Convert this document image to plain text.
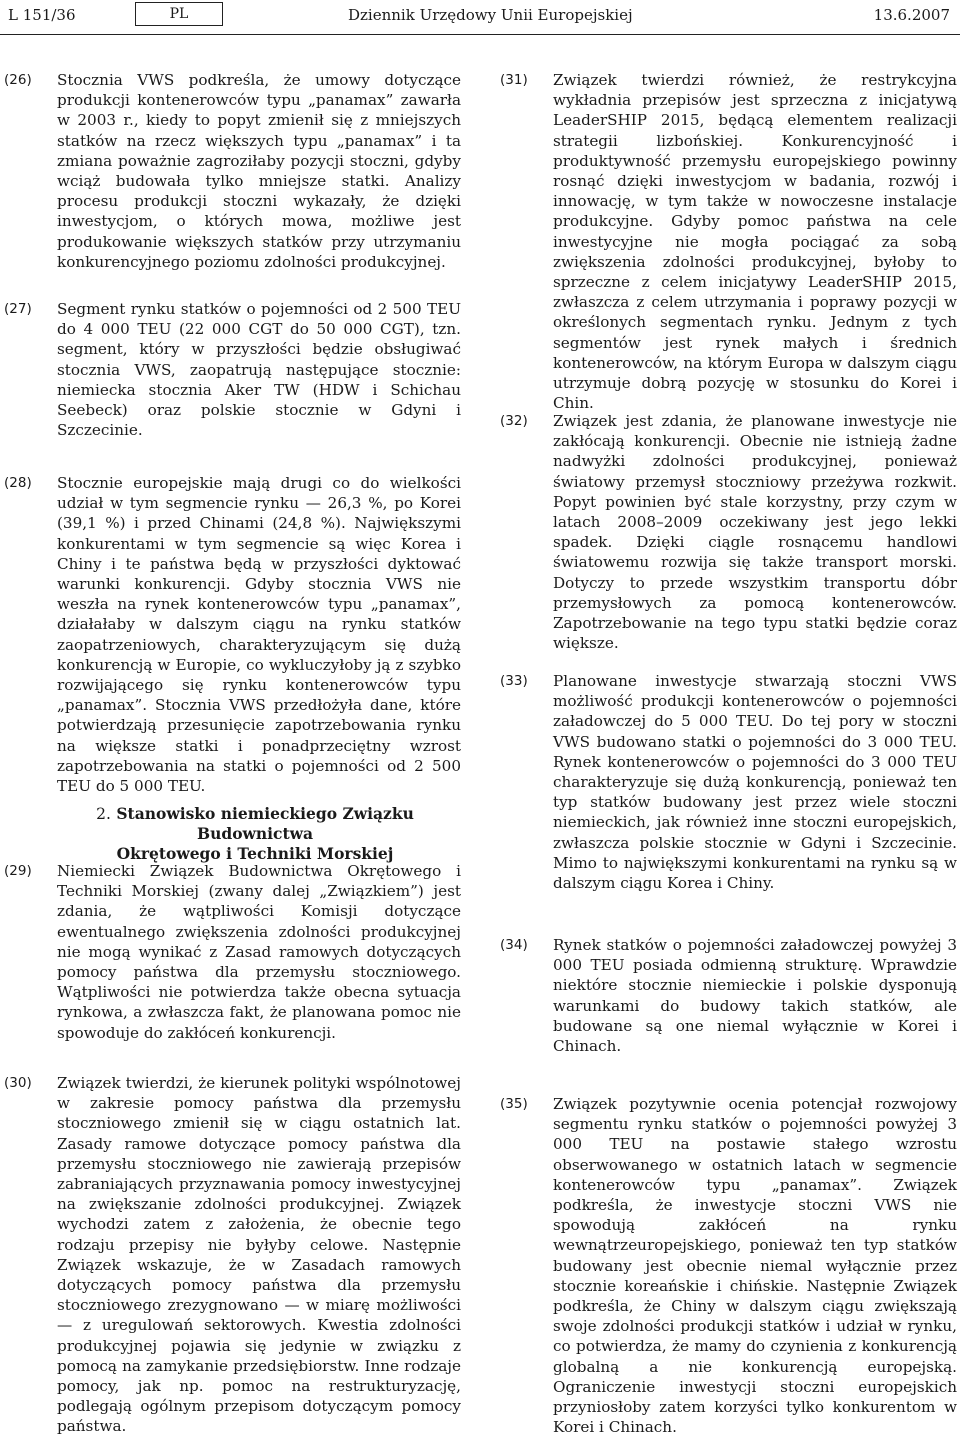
L 151/36	PL	Dziennik Urzędowy Unii Europejskiej	13.6.2007
(26)	Stocznia VWS podkreśla, że umowy dotyczące produkcji kontenerowców typu „panamax” zawarła w 2003 r., kiedy to popyt zmienił się z mniejszych statków na rzecz większych typu „panamax” i ta zmiana poważnie zagroziłaby pozycji stoczni, gdyby wciąż budowała tylko mniejsze statki. Analizy procesu produkcji stoczni wykazały, że dzięki inwestycjom, o których mowa, możliwe jest produkowanie większych statków przy utrzymaniu konkurencyjnego poziomu zdolności produkcyjnej.
(27)	Segment rynku statków o pojemności od 2 500 TEU do 4 000 TEU (22 000 CGT do 50 000 CGT), tzn. segment, który w przyszłości będzie obsługiwać stocznia VWS, zaopatrują następujące stocznie: niemiecka stocznia Aker TW (HDW i Schichau Seebeck) oraz polskie stocznie w Gdyni i Szczecinie.
(28)	Stocznie europejskie mają drugi co do wielkości udział w tym segmencie rynku — 26,3 %, po Korei (39,1 %) i przed Chinami (24,8 %). Największymi konkurentami w tym segmencie są więc Korea i Chiny i te państwa będą w przyszłości dyktować warunki konkurencji. Gdyby stocznia VWS nie weszła na rynek kontenerowców typu „panamax”, działałaby w dalszym ciągu na rynku statków zaopatrzeniowych, charakteryzującym się dużą konkurencją w Europie, co wykluczyłoby ją z szybko rozwijającego się rynku kontenerowców typu „panamax”. Stocznia VWS przedłożyła dane, które potwierdzają przesunięcie zapotrzebowania rynku na większe statki i ponadprzeciętny wzrost zapotrzebowania na statki o pojemności od 2 500 TEU do 5 000 TEU.
2. Stanowisko niemieckiego Związku Budownictwa
Okrętowego i Techniki Morskiej
(29)	Niemiecki Związek Budownictwa Okrętowego i Techniki Morskiej (zwany dalej „Związkiem”) jest zdania, że wątpliwości Komisji dotyczące ewentualnego zwiększenia zdolności produkcyjnej nie mogą wynikać z Zasad ramowych dotyczących pomocy państwa dla przemysłu stoczniowego. Wątpliwości nie potwierdza także obecna sytuacja rynkowa, a zwłaszcza fakt, że planowana pomoc nie spowoduje do zakłóceń konkurencji.
(30)	Związek twierdzi, że kierunek polityki wspólnotowej w zakresie pomocy państwa dla przemysłu stoczniowego zmienił się w ciągu ostatnich lat. Zasady ramowe dotyczące pomocy państwa dla przemysłu stoczniowego nie zawierają przepisów zabraniających przyznawania pomocy inwestycyjnej na zwiększanie zdolności produkcyjnej. Związek wychodzi zatem z założenia, że obecnie tego rodzaju przepisy nie byłyby celowe. Następnie Związek wskazuje, że w Zasadach ramowych dotyczących pomocy państwa dla przemysłu stoczniowego zrezygnowano — w miarę możliwości — z uregulowań sektorowych. Kwestia zdolności produkcyjnej pojawia się jedynie w związku z pomocą na zamykanie przedsiębiorstw. Inne rodzaje pomocy, jak np. pomoc na restrukturyzację, podlegają ogólnym przepisom dotyczącym pomocy państwa.
(31)	Związek twierdzi również, że restrykcyjna wykładnia przepisów jest sprzeczna z inicjatywą LeaderSHIP 2015, będącą elementem realizacji strategii lizbońskiej. Konkurencyjność i produktywność przemysłu europejskiego powinny rosnąć dzięki inwestycjom w badania, rozwój i innowację, w tym także w nowoczesne instalacje produkcyjne. Gdyby pomoc państwa na cele inwestycyjne nie mogła pociągać za sobą zwiększenia zdolności produkcyjnej, byłoby to sprzeczne z celem inicjatywy LeaderSHIP 2015, zwłaszcza z celem utrzymania i poprawy pozycji w określonych segmentach rynku. Jednym z tych segmentów jest rynek małych i średnich kontenerowców, na którym Europa w dalszym ciągu utrzymuje dobrą pozycję w stosunku do Korei i Chin.
(32)	Związek jest zdania, że planowane inwestycje nie zakłócają konkurencji. Obecnie nie istnieją żadne nadwyżki zdolności produkcyjnej, ponieważ światowy przemysł stoczniowy przeżywa rozkwit. Popyt powinien być stale korzystny, przy czym w latach 2008–2009 oczekiwany jest jego lekki spadek. Dzięki ciągle rosnącemu handlowi światowemu rozwija się także transport morski. Dotyczy to przede wszystkim transportu dóbr przemysłowych za pomocą kontenerowców. Zapotrzebowanie na tego typu statki będzie coraz większe.
(33)	Planowane inwestycje stwarzają stoczni VWS możliwość produkcji kontenerowców o pojemności załadowczej do 5 000 TEU. Do tej pory w stoczni VWS budowano statki o pojemności do 3 000 TEU. Rynek kontenerowców o pojemności do 3 000 TEU charakteryzuje się dużą konkurencją, ponieważ ten typ statków budowany jest przez wiele stoczni niemieckich, jak również inne stoczni europejskich, zwłaszcza polskie stocznie w Gdyni i Szczecinie. Mimo to największymi konkurentami na rynku są w dalszym ciągu Korea i Chiny.
(34)	Rynek statków o pojemności załadowczej powyżej 3 000 TEU posiada odmienną strukturę. Wprawdzie niektóre stocznie niemieckie i polskie dysponują warunkami do budowy takich statków, ale budowane są one niemal wyłącznie w Korei i Chinach.
(35)	Związek pozytywnie ocenia potencjał rozwojowy segmentu rynku statków o pojemności powyżej 3 000 TEU na postawie stałego wzrostu obserwowanego w ostatnich latach w segmencie kontenerowców typu „panamax”. Związek podkreśla, że inwestycje stoczni VWS nie spowodują zakłóceń na rynku wewnątrzeuropejskiego, ponieważ ten typ statków budowany jest obecnie niemal wyłącznie przez stocznie koreańskie i chińskie. Następnie Związek podkreśla, że Chiny w dalszym ciągu zwiększają swoje zdolności produkcji statków i udział w rynku, co potwierdza, że mamy do czynienia z konkurencją globalną a nie konkurencją europejską. Ograniczenie inwestycji stoczni europejskich przyniosłoby zatem korzyści tylko konkurentom w Korei i Chinach.
